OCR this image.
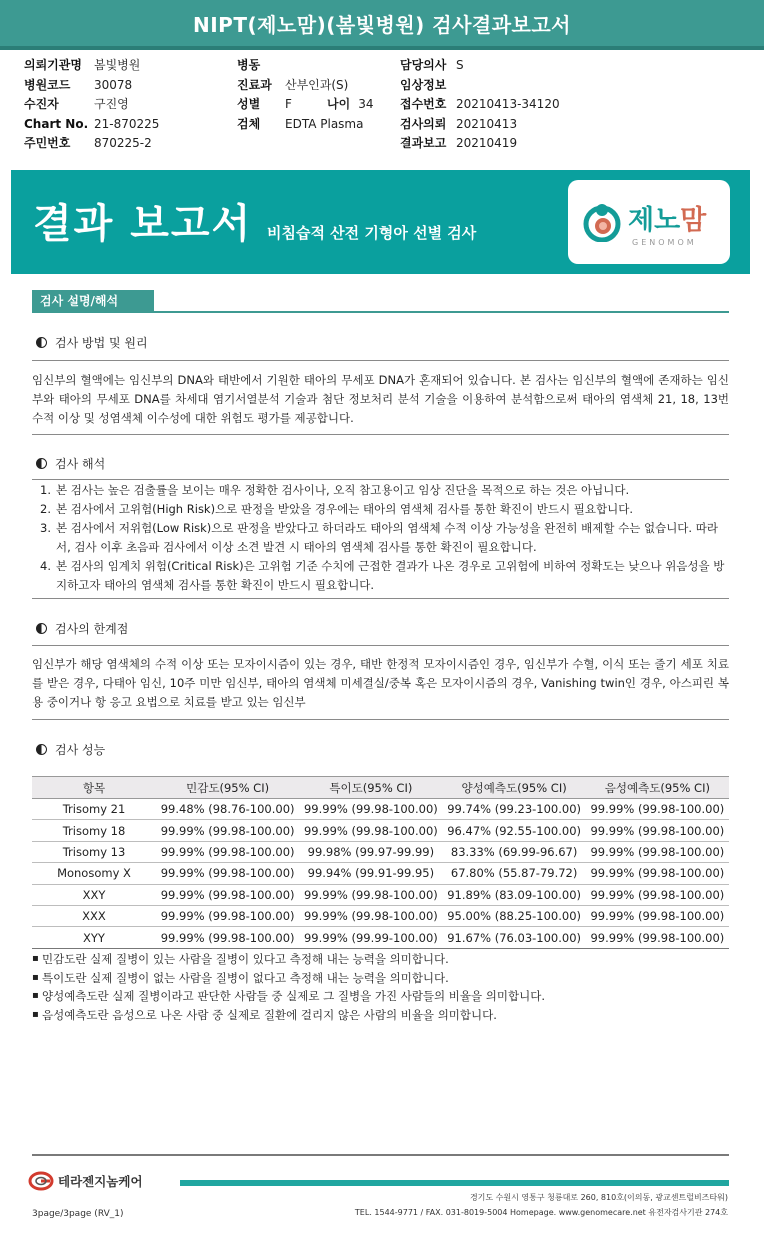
NIPT(제노맘)(봄빛병원) 검사결과보고서
의뢰기관명 봄빛병원
병원코드 30078
수진자	구진영
Chart No. 21-870225
주민번호 870225-2
병동
진료과 산부인과(S)
성별 F	나이 34
검체 EDTA Plasma
담당의사 S
임상정보
접수번호 20210413-34120
검사의뢰 20210413
결과보고 20210419
결과 보고서 비침습적 산전 기형아 선별 검사	제노맘
GENOMOM
검사 설명/해석
검사 방법 및 원리
임신부의 혈액에는 임신부의 DNA와 태반에서 기원한 태아의 무세포 DNA가 혼재되어 있습니다. 본 검사는 임신부의 혈액에 존재하는 임신부와 태아의 무세포 DNA를 차세대 염기서열분석 기술과 첨단 정보처리 분석 기술을 이용하여 분석함으로써 태아의 염색체 21, 18, 13번 수적 이상 및 성염색체 이수성에 대한 위험도 평가를 제공합니다.
검사 해석
1. 본 검사는 높은 검출률을 보이는 매우 정확한 검사이나, 오직 참고용이고 임상 진단을 목적으로 하는 것은 아닙니다.
2. 본 검사에서 고위험(High Risk)으로 판정을 받았을 경우에는 태아의 염색체 검사를 통한 확진이 반드시 필요합니다.
3. 본 검사에서 저위험(Low Risk)으로 판정을 받았다고 하더라도 태아의 염색체 수적 이상 가능성을 완전히 배제할 수는 없습니다. 따라서, 검사 이후 초음파 검사에서 이상 소견 발견 시 태아의 염색체 검사를 통한 확진이 필요합니다.
4. 본 검사의 임계치 위험(Critical Risk)은 고위험 기준 수치에 근접한 결과가 나온 경우로 고위험에 비하여 정확도는 낮으나 위음성을 방지하고자 태아의 염색체 검사를 통한 확진이 반드시 필요합니다.
검사의 한계점
임신부가 해당 염색체의 수적 이상 또는 모자이시즘이 있는 경우, 태반 한정적 모자이시즘인 경우, 임신부가 수혈, 이식 또는 줄기 세포 치료를 받은 경우, 다태아 임신, 10주 미만 임신부, 태아의 염색체 미세결실/중복 혹은 모자이시즘의 경우, Vanishing twin인 경우, 아스피린 복용 중이거나 항 응고 요법으로 치료를 받고 있는 임신부
검사 성능
항목	민감도(95% CI)	특이도(95% CI)	양성예측도(95% CI)	음성예측도(95% CI)
Trisomy 21	99.48% (98.76-100.00)	99.99% (99.98-100.00)	99.74% (99.23-100.00)	99.99% (99.98-100.00)
Trisomy 18	99.99% (99.98-100.00)	99.99% (99.98-100.00)	96.47% (92.55-100.00)	99.99% (99.98-100.00)
Trisomy 13	99.99% (99.98-100.00)	99.98% (99.97-99.99)	83.33% (69.99-96.67)	99.99% (99.98-100.00)
Monosomy X	99.99% (99.98-100.00)	99.94% (99.91-99.95)	67.80% (55.87-79.72)	99.99% (99.98-100.00)
XXY	99.99% (99.98-100.00)	99.99% (99.98-100.00)	91.89% (83.09-100.00)	99.99% (99.98-100.00)
XXX	99.99% (99.98-100.00)	99.99% (99.98-100.00)	95.00% (88.25-100.00)	99.99% (99.98-100.00)
XYY	99.99% (99.98-100.00)	99.99% (99.99-100.00)	91.67% (76.03-100.00)	99.99% (99.98-100.00)
▪ 민감도란 실제 질병이 있는 사람을 질병이 있다고 측정해 내는 능력을 의미합니다.
▪ 특이도란 실제 질병이 없는 사람을 질병이 없다고 측정해 내는 능력을 의미합니다.
▪ 양성예측도란 실제 질병이라고 판단한 사람들 중 실제로 그 질병을 가진 사람들의 비율을 의미합니다.
▪ 음성예측도란 음성으로 나온 사람 중 실제로 질환에 걸리지 않은 사람의 비율을 의미합니다.
테라젠지놈케어
경기도 수원시 영통구 청룡대로 260, 810호(이의동, 광교센트럴비즈타워)
TEL. 1544-9771 / FAX. 031-8019-5004 Homepage. www.genomecare.net 유전자검사기관 274호
3page/3page (RV_1)
